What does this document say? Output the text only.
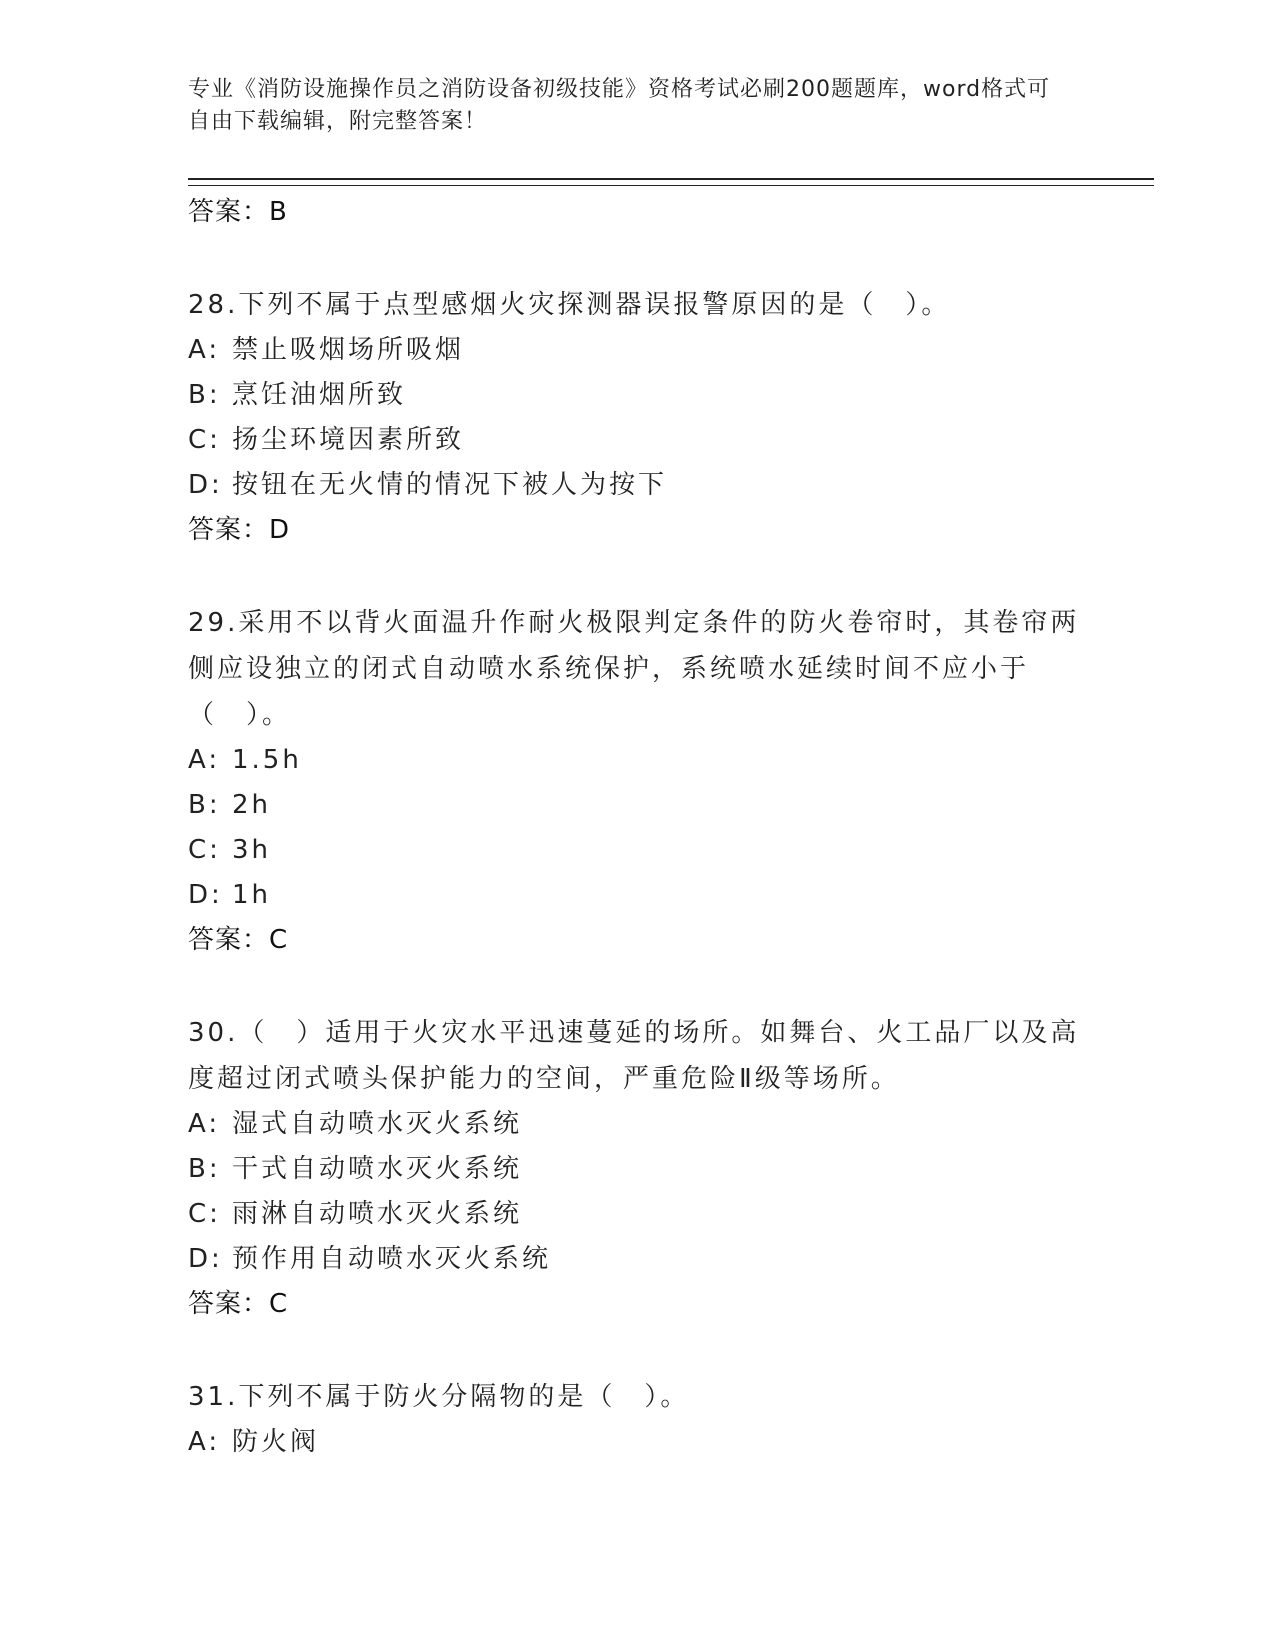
专业《消防设施操作员之消防设备初级技能》资格考试必刷200题题库，word格式可自由下载编辑，附完整答案！

答案：B

28.下列不属于点型感烟火灾探测器误报警原因的是（　）。

A: 禁止吸烟场所吸烟

B: 烹饪油烟所致

C: 扬尘环境因素所致

D: 按钮在无火情的情况下被人为按下

答案：D

29.采用不以背火面温升作耐火极限判定条件的防火卷帘时，其卷帘两侧应设独立的闭式自动喷水系统保护，系统喷水延续时间不应小于（　）。

A: 1.5h

B: 2h

C: 3h

D: 1h

答案：C

30.（　）适用于火灾水平迅速蔓延的场所。如舞台、火工品厂以及高度超过闭式喷头保护能力的空间，严重危险Ⅱ级等场所。

A: 湿式自动喷水灭火系统

B: 干式自动喷水灭火系统

C: 雨淋自动喷水灭火系统

D: 预作用自动喷水灭火系统

答案：C

31.下列不属于防火分隔物的是（　）。

A: 防火阀
